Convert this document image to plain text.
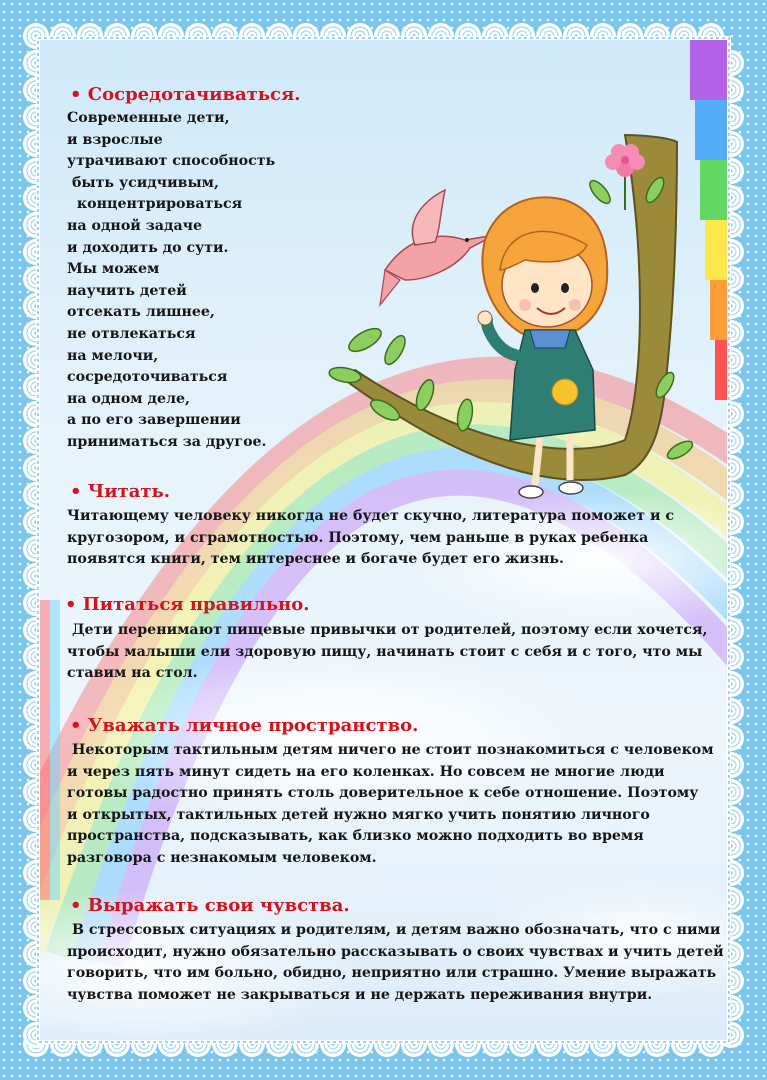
• Сосредотачиваться.
Современные дети,
и взрослые
утрачивают способность
быть усидчивым,
концентрироваться
на одной задаче
и доходить до сути.
Мы можем
научить детей
отсекать лишнее,
не отвлекаться
на мелочи,
сосредоточиваться
на одном деле,
а по его завершении
приниматься за другое.
• Читать.
Читающему человеку никогда не будет скучно, литература поможет и с
кругозором, и сграмотностью. Поэтому, чем раньше в руках ребенка
появятся книги, тем интереснее и богаче будет его жизнь.
• Питаться правильно.
Дети перенимают пищевые привычки от родителей, поэтому если хочется,
чтобы малыши ели здоровую пищу, начинать стоит с себя и с того, что мы
ставим на стол.
• Уважать личное пространство.
Некоторым тактильным детям ничего не стоит познакомиться с человеком
и через пять минут сидеть на его коленках. Но совсем не многие люди
готовы радостно принять столь доверительное к себе отношение. Поэтому
и открытых, тактильных детей нужно мягко учить понятию личного
пространства, подсказывать, как близко можно подходить во время
разговора с незнакомым человеком.
• Выражать свои чувства.
В стрессовых ситуациях и родителям, и детям важно обозначать, что с ними
происходит, нужно обязательно рассказывать о своих чувствах и учить детей
говорить, что им больно, обидно, неприятно или страшно. Умение выражать
чувства поможет не закрываться и не держать переживания внутри.
